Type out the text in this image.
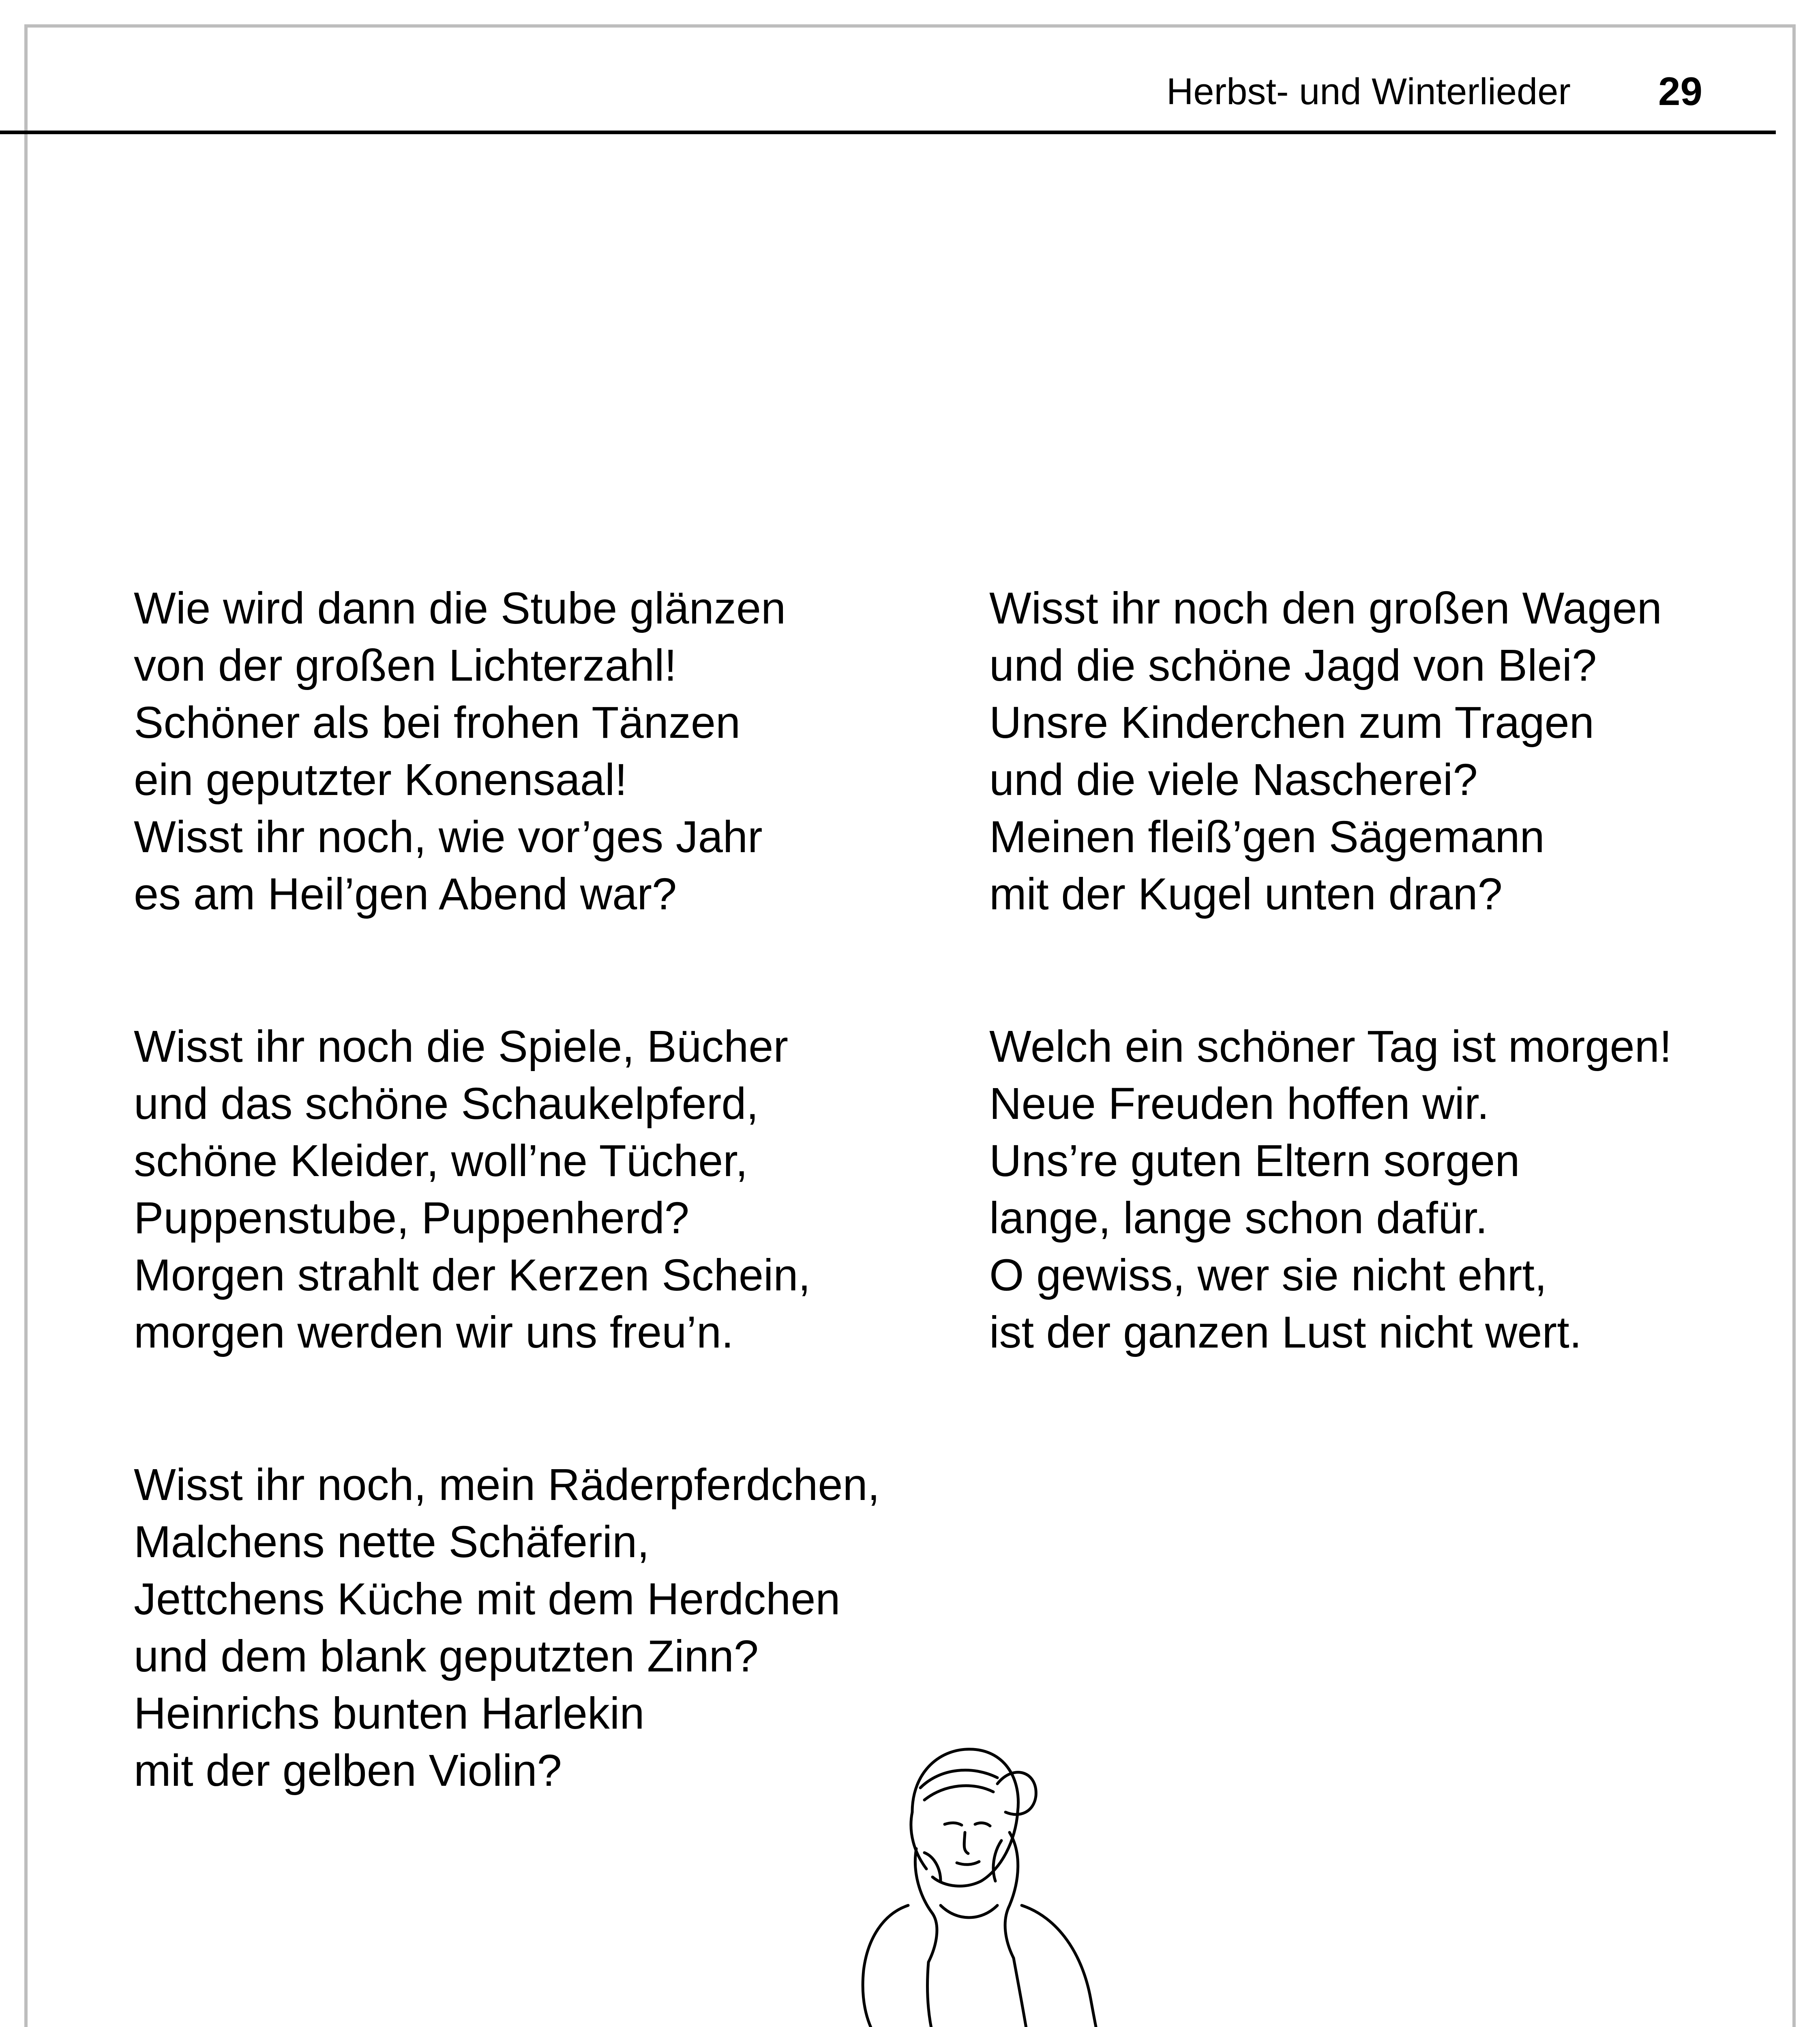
Herbst- und Winterlieder 29
Wie wird dann die Stube glänzen
von der großen Lichterzahl!
Schöner als bei frohen Tänzen
ein geputzter Konensaal!
Wisst ihr noch, wie vor’ges Jahr
es am Heil’gen Abend war?
Wisst ihr noch die Spiele, Bücher
und das schöne Schaukelpferd,
schöne Kleider, woll’ne Tücher,
Puppenstube, Puppenherd?
Morgen strahlt der Kerzen Schein,
morgen werden wir uns freu’n.
Wisst ihr noch, mein Räderpferdchen,
Malchens nette Schäferin,
Jettchens Küche mit dem Herdchen
und dem blank geputzten Zinn?
Heinrichs bunten Harlekin
mit der gelben Violin?
Wisst ihr noch den großen Wagen
und die schöne Jagd von Blei?
Unsre Kinderchen zum Tragen
und die viele Nascherei?
Meinen fleiß’gen Sägemann
mit der Kugel unten dran?
Welch ein schöner Tag ist morgen!
Neue Freuden hoffen wir.
Uns’re guten Eltern sorgen
lange, lange schon dafür.
O gewiss, wer sie nicht ehrt,
ist der ganzen Lust nicht wert.
